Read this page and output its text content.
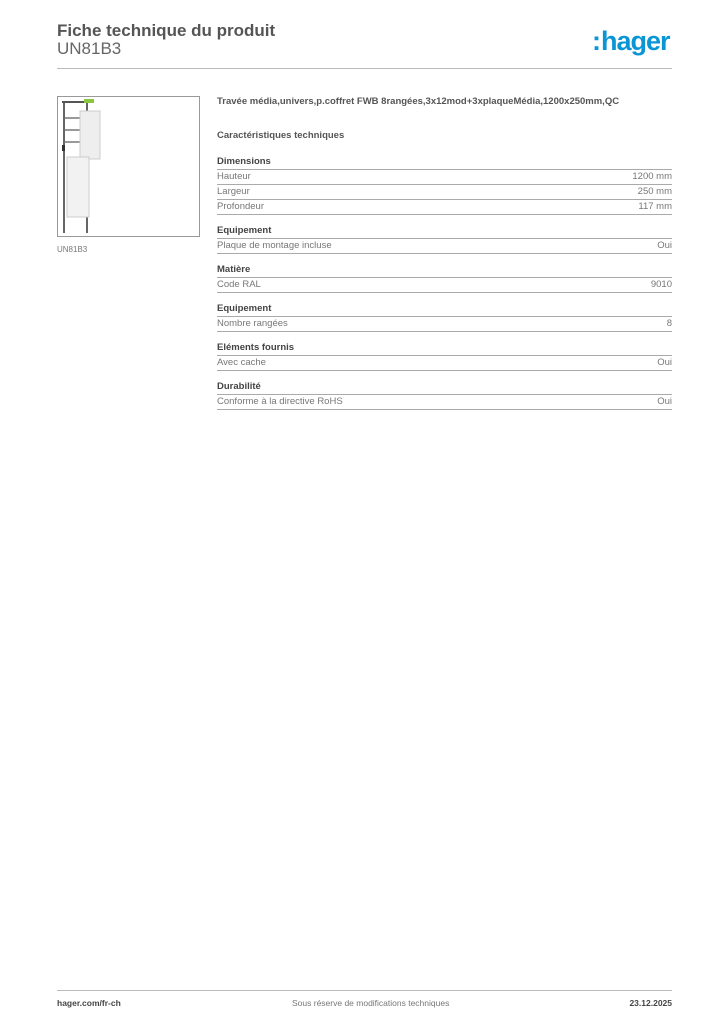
Fiche technique du produit
UN81B3	:hager
UN81B3
Travée média,univers,p.coffret FWB 8rangées,3x12mod+3xplaqueMédia,1200x250mm,QC
Caractéristiques techniques
Dimensions
Hauteur	1200 mm
Largeur	250 mm
Profondeur	117 mm
Equipement
Plaque de montage incluse	Oui
Matière
Code RAL	9010
Equipement
Nombre rangées	8
Eléments fournis
Avec cache	Oui
Durabilité
Conforme à la directive RoHS	Oui
hager.com/fr-ch	Sous réserve de modifications techniques	23.12.2025
